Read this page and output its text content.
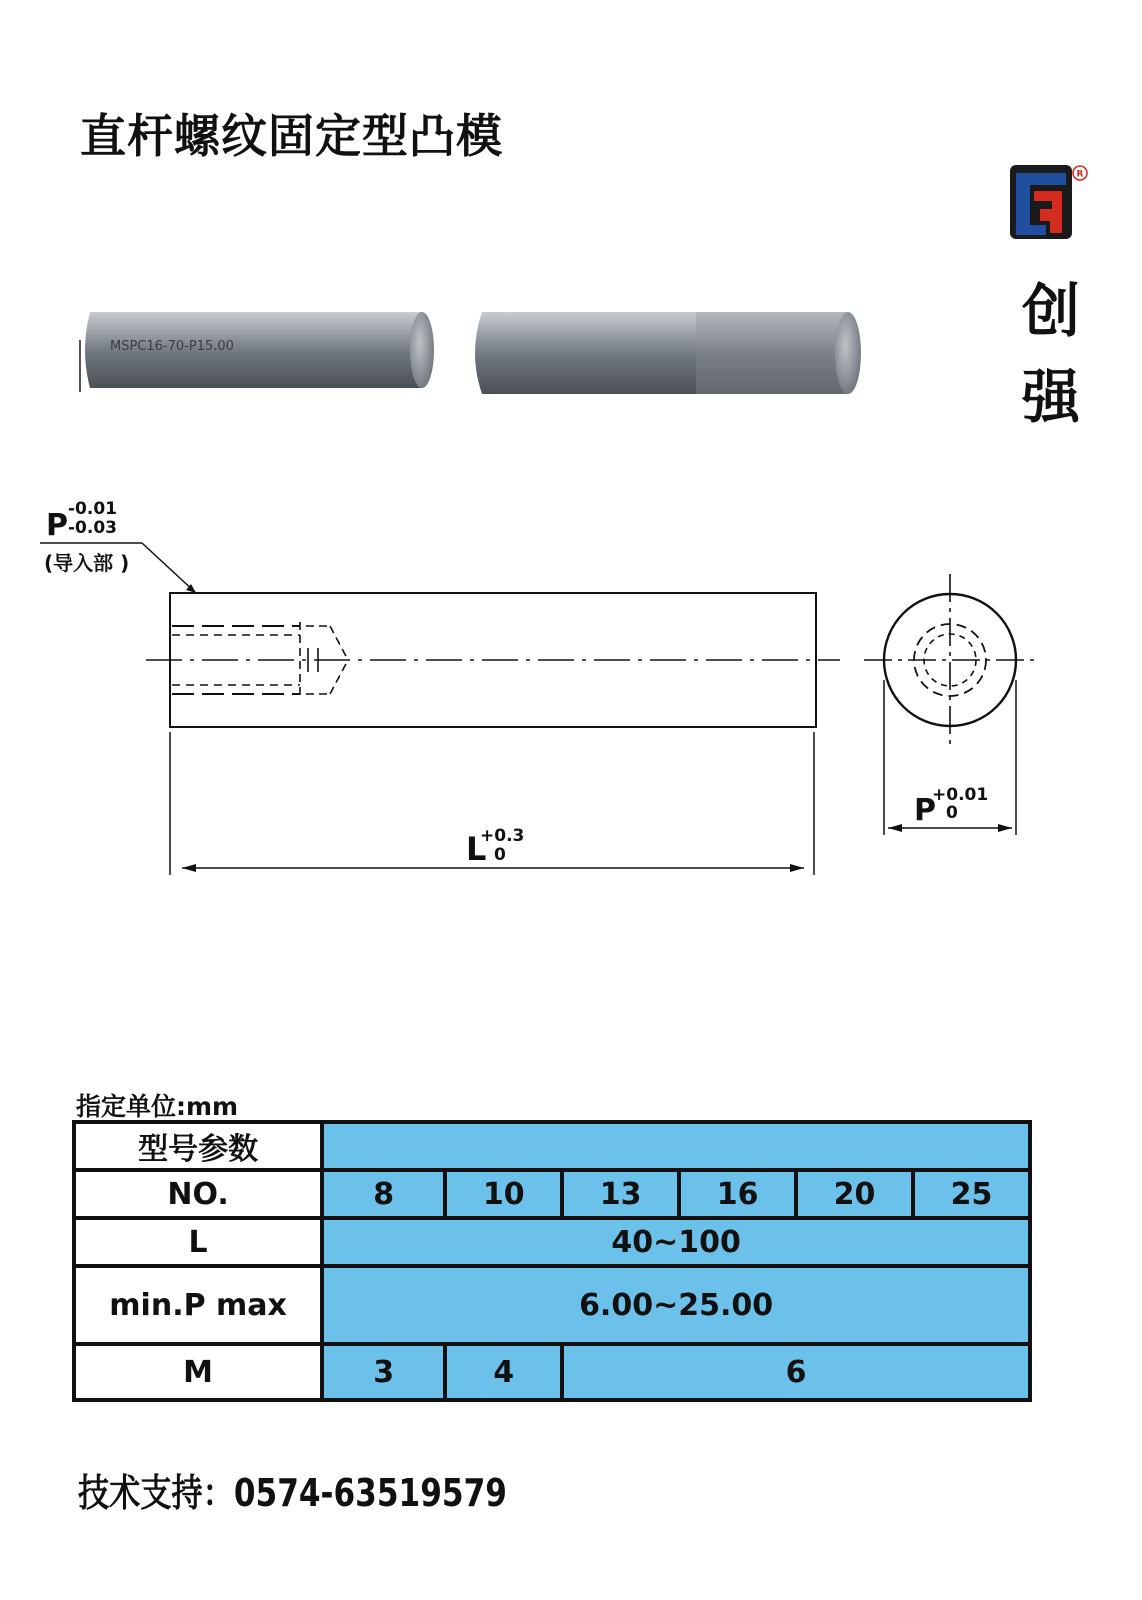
直杆螺纹固定型凸模
R
创
强
MSPC16-70-P15.00
P -0.01
-0.03
(导入部 )
L
+0.3
0
P
+0.01
0
指定单位:mm
型号参数						
NO.	8	10	13	16	20	25
L	40~100					
min.P max	6.00~25.00					
M	3	4	6			
技术支持：0574-63519579
